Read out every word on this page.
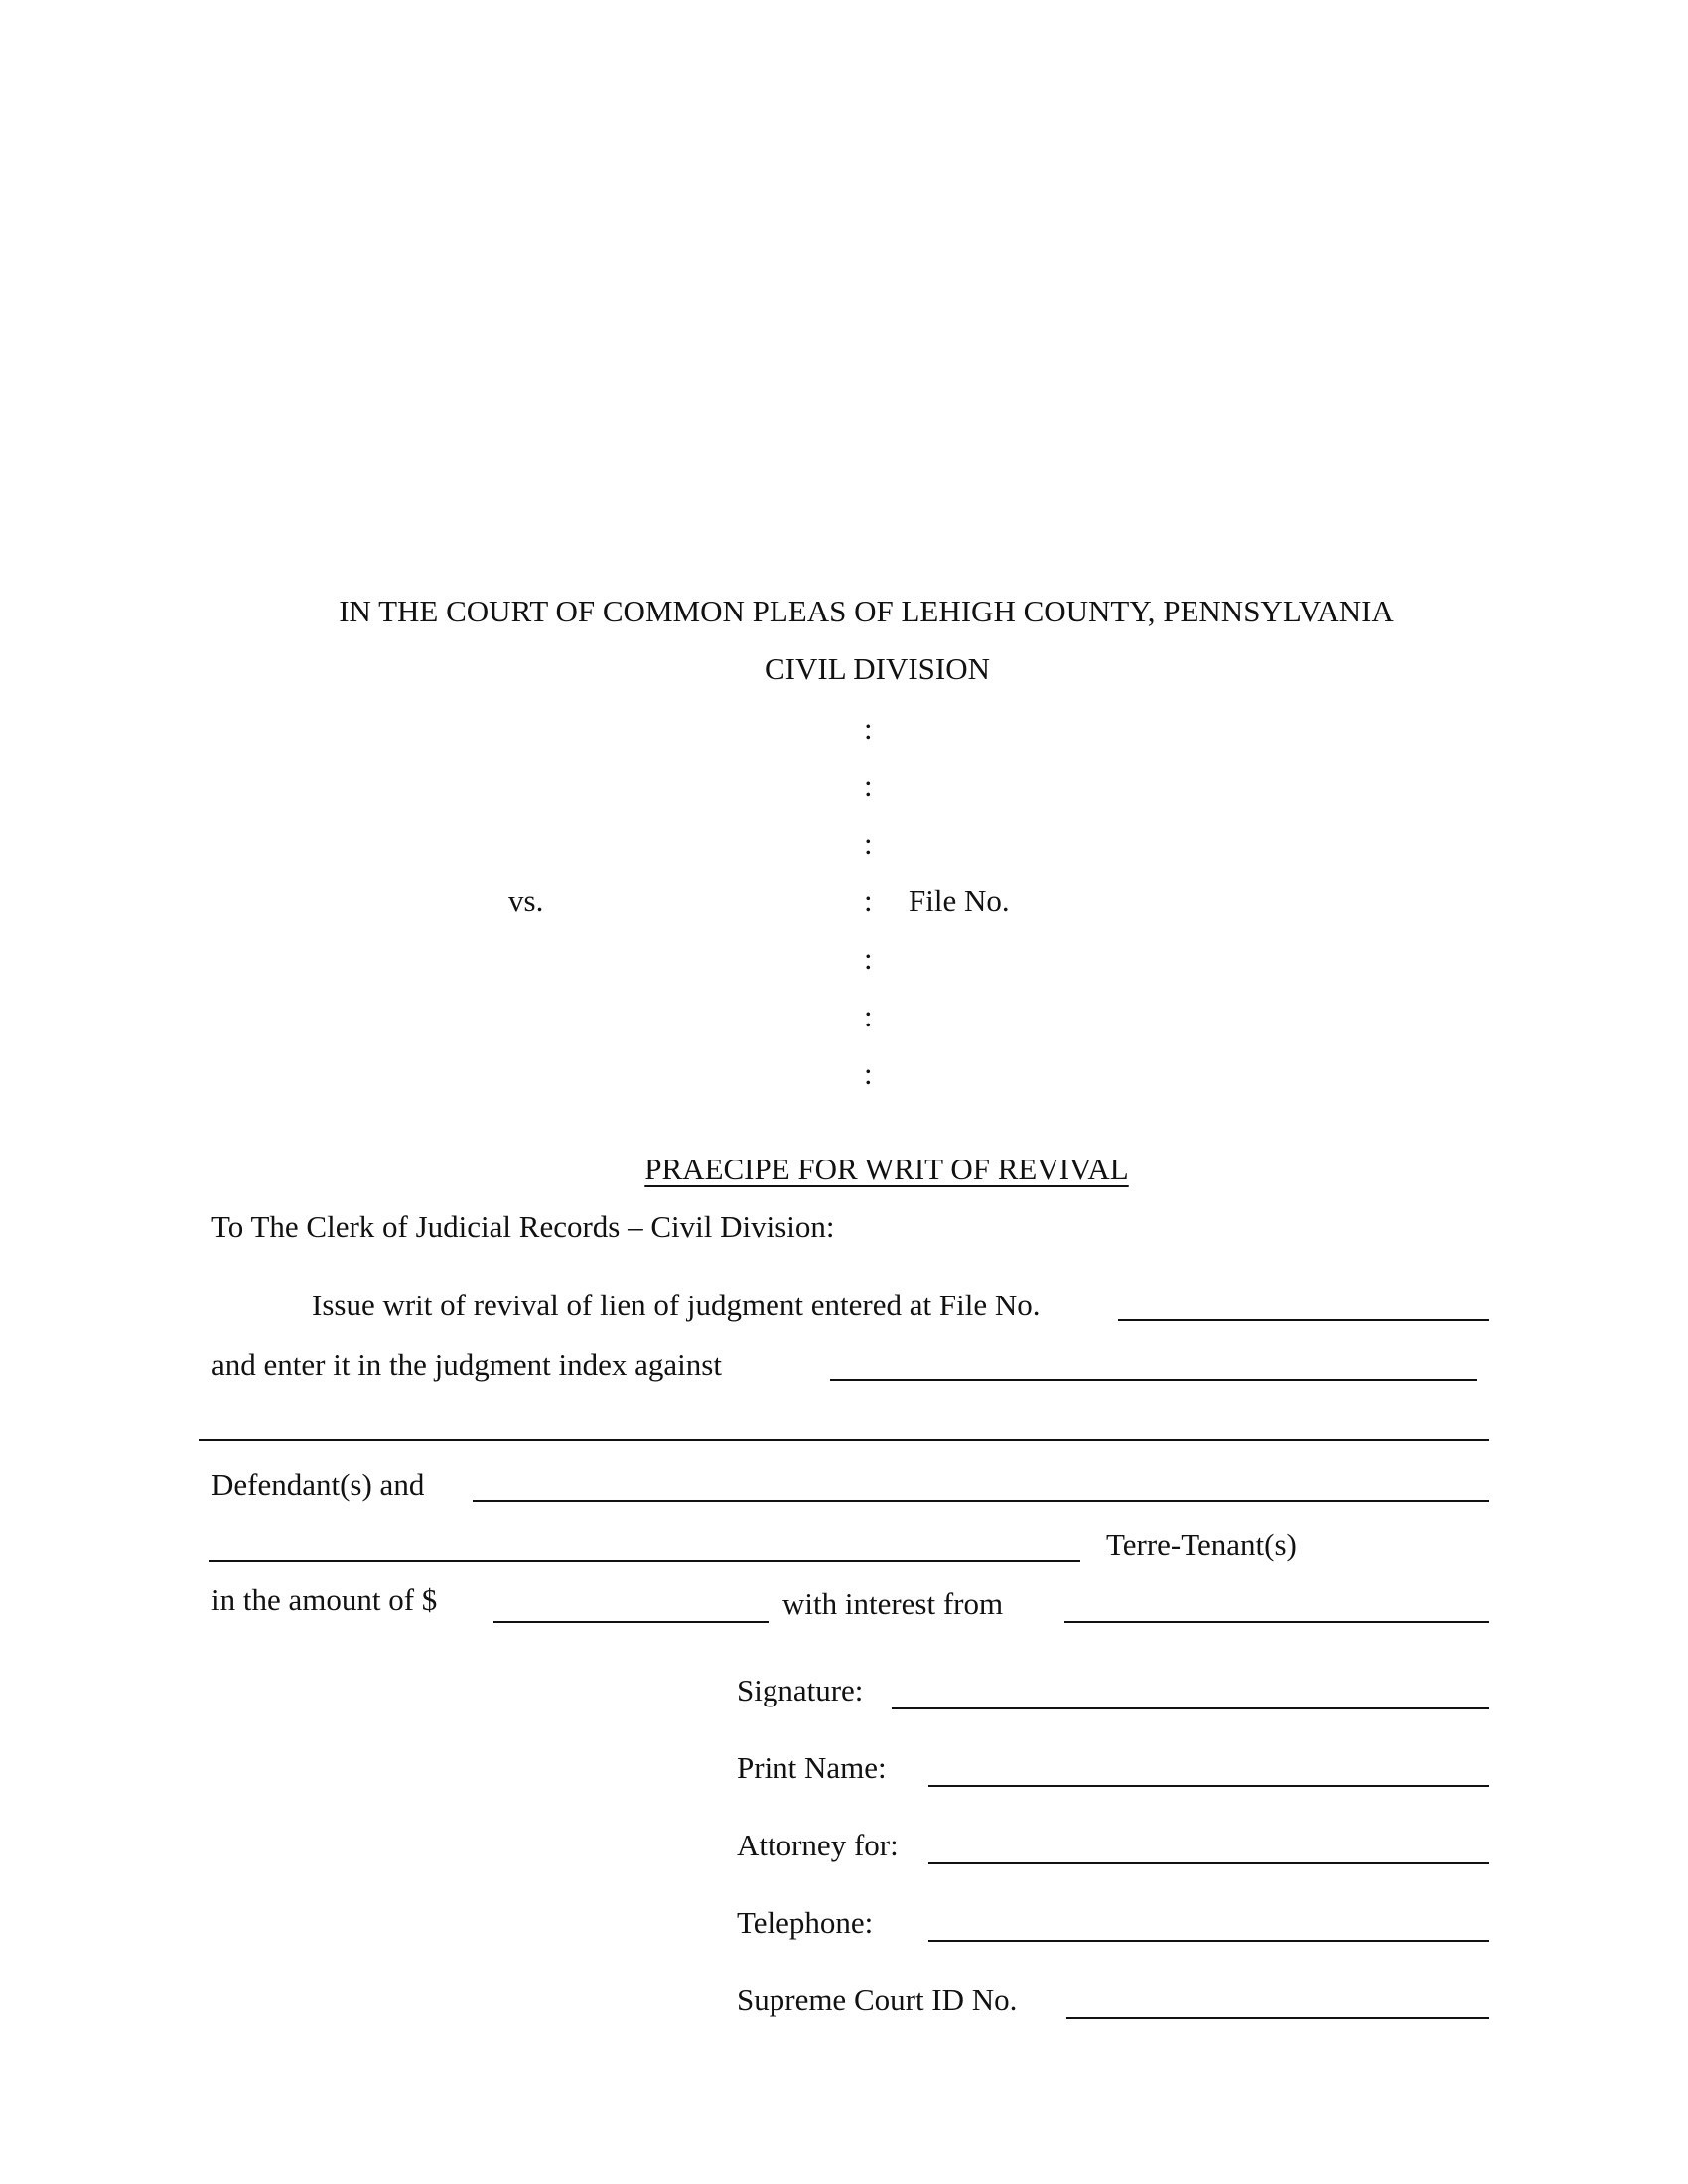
IN THE COURT OF COMMON PLEAS OF LEHIGH COUNTY, PENNSYLVANIA
CIVIL DIVISION
:
:
:
:
:
:
:
vs.	File No.
PRAECIPE FOR WRIT OF REVIVAL
To The Clerk of Judicial Records – Civil Division:
Issue writ of revival of lien of judgment entered at File No.
and enter it in the judgment index against
Defendant(s) and
Terre-Tenant(s)
in the amount of $	with interest from
Signature:
Print Name:
Attorney for:
Telephone:
Supreme Court ID No.
